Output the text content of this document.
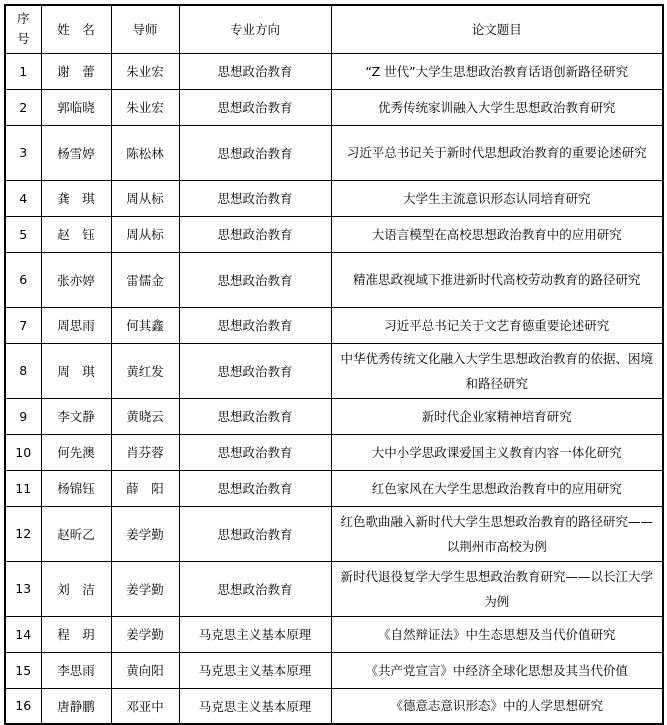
序号	姓　名	导师	专业方向	论文题目
1	谢　蕾	朱业宏	思想政治教育	“Z 世代”大学生思想政治教育话语创新路径研究
2	郭临晓	朱业宏	思想政治教育	优秀传统家训融入大学生思想政治教育研究
3	杨雪婷	陈松林	思想政治教育	习近平总书记关于新时代思想政治教育的重要论述研究
4	龚　琪	周从标	思想政治教育	大学生主流意识形态认同培育研究
5	赵　钰	周从标	思想政治教育	大语言模型在高校思想政治教育中的应用研究
6	张亦婷	雷儒金	思想政治教育	精准思政视域下推进新时代高校劳动教育的路径研究
7	周思雨	何其鑫	思想政治教育	习近平总书记关于文艺育德重要论述研究
8	周　琪	黄红发	思想政治教育	中华优秀传统文化融入大学生思想政治教育的依据、困境和路径研究
9	李文静	黄晓云	思想政治教育	新时代企业家精神培育研究
10	何先澳	肖芬蓉	思想政治教育	大中小学思政课爱国主义教育内容一体化研究
11	杨锦钰	薛　阳	思想政治教育	红色家风在大学生思想政治教育中的应用研究
12	赵昕乙	姜学勤	思想政治教育	红色歌曲融入新时代大学生思想政治教育的路径研究——以荆州市高校为例
13	刘　洁	姜学勤	思想政治教育	新时代退役复学大学生思想政治教育研究——以长江大学为例
14	程　玥	姜学勤	马克思主义基本原理	《自然辩证法》中生态思想及当代价值研究
15	李思雨	黄向阳	马克思主义基本原理	《共产党宣言》中经济全球化思想及其当代价值
16	唐静鹏	邓亚中	马克思主义基本原理	《德意志意识形态》中的人学思想研究
